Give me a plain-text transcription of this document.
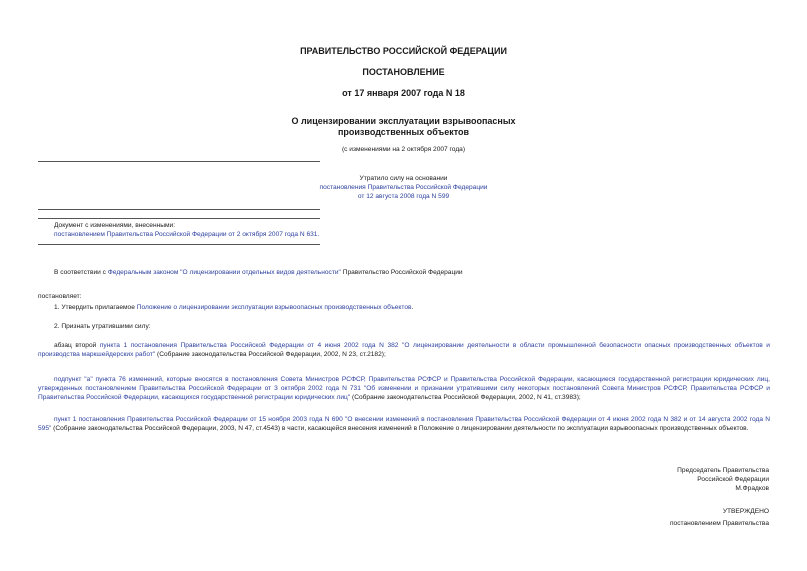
ПРАВИТЕЛЬСТВО РОССИЙСКОЙ ФЕДЕРАЦИИ
ПОСТАНОВЛЕНИЕ
от 17 января 2007 года N 18
О лицензировании эксплуатации взрывоопасных
производственных объектов
(с изменениями на 2 октября 2007 года)
Утратило силу на основании
постановления Правительства Российской Федерации
от 12 августа 2008 года N 599
Документ с изменениями, внесенными:
постановлением Правительства Российской Федерации от 2 октября 2007 года N 631.
В соответствии с Федеральным законом "О лицензировании отдельных видов деятельности" Правительство Российской Федерации
постановляет:
1. Утвердить прилагаемое Положение о лицензировании эксплуатации взрывоопасных производственных объектов.
2. Признать утратившими силу:
абзац второй пункта 1 постановления Правительства Российской Федерации от 4 июня 2002 года N 382 "О лицензировании деятельности в области промышленной безопасности опасных производственных объектов и производства маркшейдерских работ" (Собрание законодательства Российской Федерации, 2002, N 23, ст.2182);
подпункт "а" пункта 76 изменений, которые вносятся в постановления Совета Министров РСФСР, Правительства РСФСР и Правительства Российской Федерации, касающиеся государственной регистрации юридических лиц, утвержденных постановлением Правительства Российской Федерации от 3 октября 2002 года N 731 "Об изменении и признании утратившими силу некоторых постановлений Совета Министров РСФСР, Правительства РСФСР и Правительства Российской Федерации, касающихся государственной регистрации юридических лиц" (Собрание законодательства Российской Федерации, 2002, N 41, ст.3983);
пункт 1 постановления Правительства Российской Федерации от 15 ноября 2003 года N 690 "О внесении изменений в постановления Правительства Российской Федерации от 4 июня 2002 года N 382 и от 14 августа 2002 года N 595" (Собрание законодательства Российской Федерации, 2003, N 47, ст.4543) в части, касающейся внесения изменений в Положение о лицензировании деятельности по эксплуатации взрывоопасных производственных объектов.
Председатель Правительства
Российской Федерации
М.Фрадков
УТВЕРЖДЕНО
постановлением Правительства
